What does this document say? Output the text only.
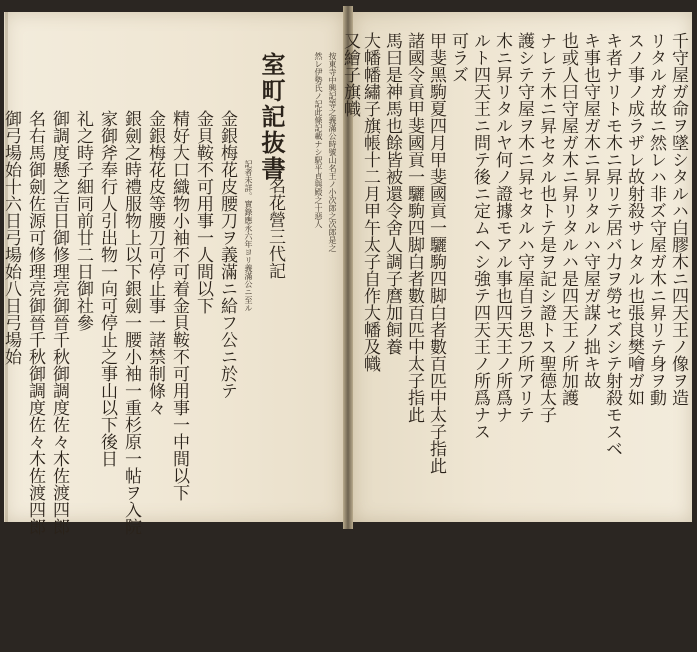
按東寺中興記等之義滿公時號山名王ノ小次郎之次郎是之
然レ伊勢氏ノ記此條記載ナシ駅平貞與殿之十惡人
室町記抜書
一名花營三代記
記者未詳。實錄應永六年ヨリ義滿公ニ至ル
金銀梅花皮腰刀ヲ義滿ニ給フ公ニ於テ
金貝鞍不可用事一人間以下
精好大口織物小袖不可着金貝鞍不可用事一中間以下
金銀梅花皮等腰刀可停止事一諸禁制條々
銀劍之時禮服物上以下銀劍一腰小袖一重杉原一帖ヲ入院
家御斧奉行人引出物一向可停止之事山以下後日
礼之時子細同前廿二日御社參
御調度懸之吉日御修理亮御晉千秋御調度佐々木佐渡四郎
名右馬御劍佐源可修理亮御晉千秋御調度佐々木佐渡四郎
御弓場始十六日弓場始八日弓場始	千守屋ガ命ヲ墜シタルハ白膠木ニ四天王ノ像ヲ造
リタルガ故ニ然レハ非ズ守屋ガ木ニ昇リテ身ヲ動
スノ事ノ成ラザレ故射殺サレタル也張良樊噲ガ如
キ者ナリトモ木ニ昇リテ居バ力ヲ勞セズシテ射殺モスベ
キ事也守屋ガ木ニ昇リタルハ守屋ガ謀ノ拙キ故
也或人曰守屋ガ木ニ昇リタルハ是四天王ノ所加護
ナレテ木ニ昇セタル也トテ是ヲ記シ證トス聖德太子
護シテ守屋ヲ木ニ昇セタルハ守屋自ラ思フ所アリテ
木ニ昇リタルヤ何ノ證據モアル事也四天王ノ所爲ナ
ルト四天王ニ問テ後ニ定ムヘシ強テ四天王ノ所爲ナス
可ラズ
甲斐黑駒夏四月甲斐國貢一驪駒四脚白者數百匹中太子指此
諸國令貢甲斐國貢一驪駒四脚白者數百匹中太子指此
馬曰是神馬也餘皆被還令舍人調子麿加飼養
大幡幡繡子旗帳十二月甲午太子自作大幡及幟
又繪子旗幟
